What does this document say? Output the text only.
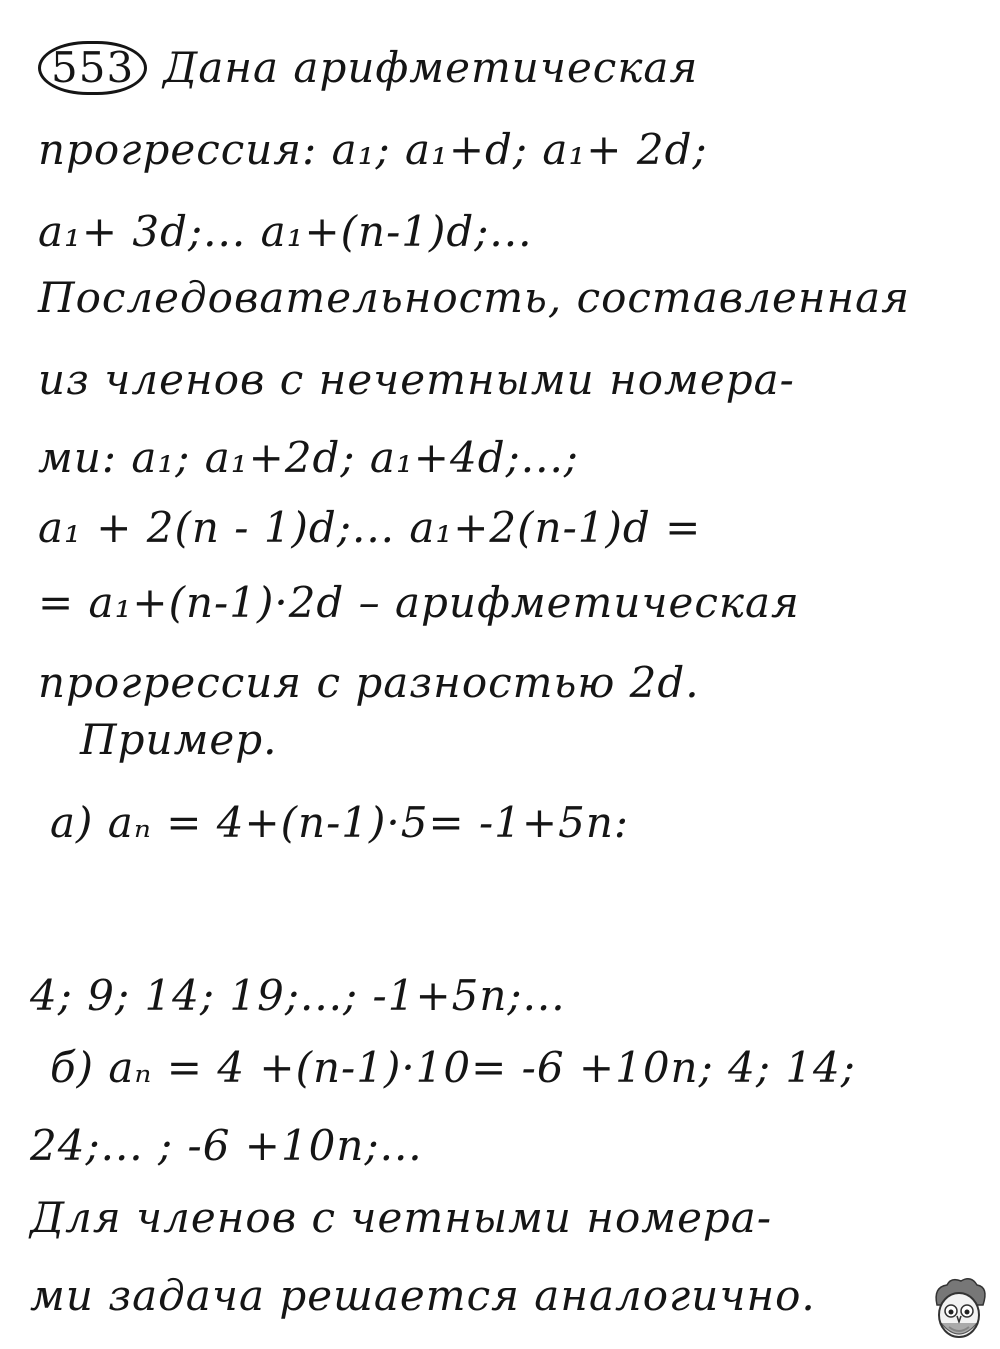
553 Дана арифметическая
прогрессия: a₁; a₁+d; a₁+ 2d;
a₁+ 3d;... a₁+(n-1)d;...
Последовательность, составленная
из членов с нечетными номера-
ми: a₁; a₁+2d; a₁+4d;...;
a₁ + 2(n - 1)d;... a₁+2(n-1)d =
= a₁+(n-1)·2d – арифметическая
прогрессия с разностью 2d.
Пример.
а) aₙ = 4+(n-1)·5= -1+5n:
4; 9; 14; 19;...; -1+5n;...
б) aₙ = 4 +(n-1)·10= -6 +10n; 4; 14;
24;... ; -6 +10n;...
Для членов с четными номера-
ми задача решается аналогично.
